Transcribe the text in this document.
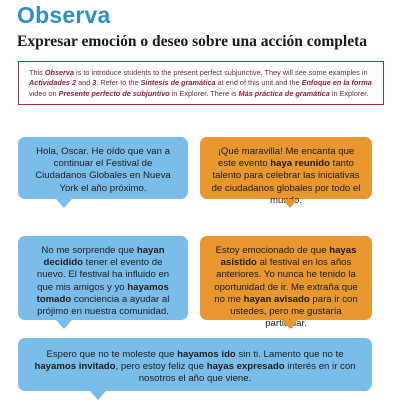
Observa
Expresar emoción o deseo sobre una acción completa
This Observa is to introduce students to the present perfect subjunctive. They will see some examples in Actividades 2 and 3. Refer to the Síntesis de gramática at end of this unit and the Enfoque en la forma video on Presente perfecto de subjuntivo in Explorer. There is Más práctica de gramática in Explorer.
Hola, Oscar. He oído que van a continuar el Festival de Ciudadanos Globales en Nueva York el año próximo.
¡Qué maravilla! Me encanta que este evento haya reunido tanto talento para celebrar las iniciativas de ciudadanos globales por todo el mundo.
No me sorprende que hayan decidido tener el evento de nuevo. El festival ha influido en que mis amigos y yo hayamos tomado conciencia a ayudar al prójimo en nuestra comunidad.
Estoy emocionado de que hayas asistido al festival en los años anteriores. Yo nunca he tenido la oportunidad de ir. Me extraña que no me hayan avisado para ir con ustedes, pero me gustaría participar.
Espero que no te moleste que hayamos ido sin ti. Lamento que no te hayamos invitado, pero estoy feliz que hayas expresado interés en ir con nosotros el año que viene.
